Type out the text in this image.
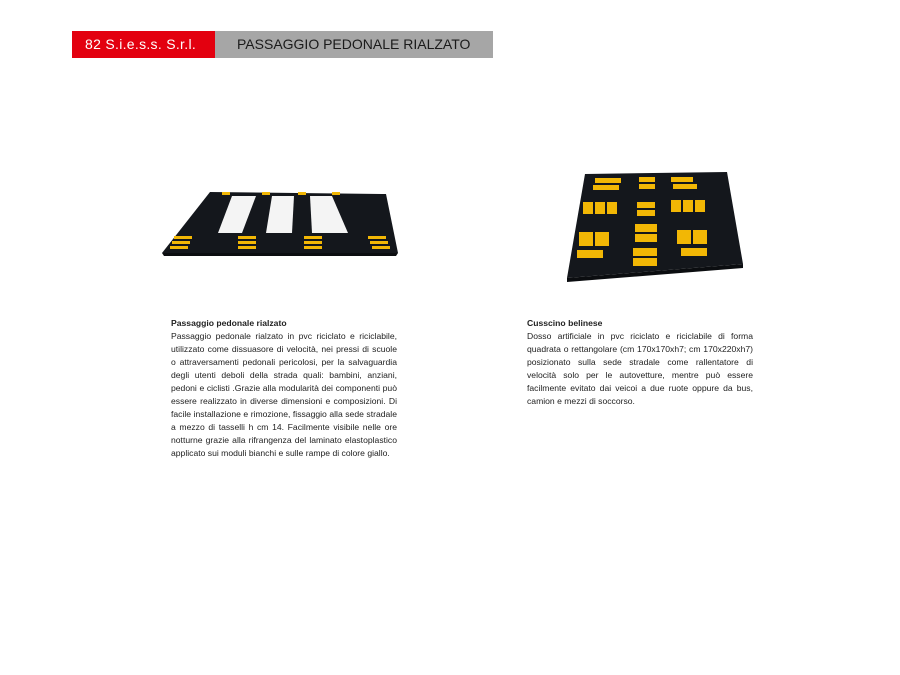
82 S.i.e.s.s. S.r.l.	PASSAGGIO PEDONALE RIALZATO
Passaggio pedonale rialzato
Passaggio pedonale rialzato in pvc riciclato e riciclabile, utilizzato come dissuasore di velocità, nei pressi di scuole o attraversamenti pedonali pericolosi, per la salvaguardia degli utenti deboli della strada quali: bambini, anziani, pedoni e ciclisti .Grazie alla modularità dei componenti può essere realizzato in diverse dimensioni e composizioni. Di facile installazione e rimozione, fissaggio alla sede stradale a mezzo di tasselli h cm 14. Facilmente visibile nelle ore notturne grazie alla rifrangenza del laminato elastoplastico applicato sui moduli bianchi e sulle rampe di colore giallo.
Cusscino belinese
Dosso artificiale in pvc riciclato e riciclabile di forma quadrata o rettangolare (cm 170x170xh7; cm 170x220xh7) posizionato sulla sede stradale come rallentatore di velocità solo per le autovetture, mentre può essere facilmente evitato dai veicoi a due ruote oppure da bus, camion e mezzi di soccorso.
